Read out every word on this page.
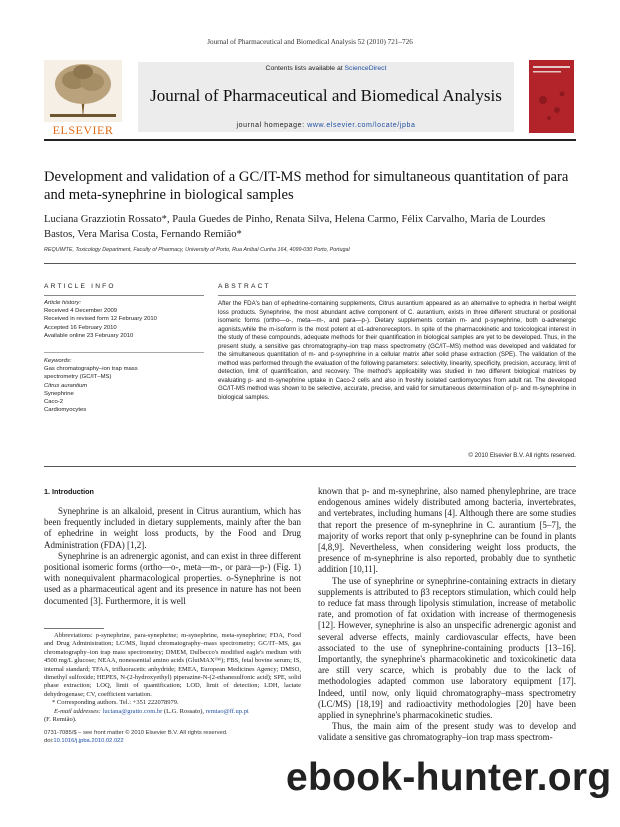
Journal of Pharmaceutical and Biomedical Analysis 52 (2010) 721–726
ELSEVIER
Contents lists available at ScienceDirect
Journal of Pharmaceutical and Biomedical Analysis
journal homepage: www.elsevier.com/locate/jpba
Development and validation of a GC/IT-MS method for simultaneous quantitation of para and meta-synephrine in biological samples
Luciana Grazziotin Rossato*, Paula Guedes de Pinho, Renata Silva, Helena Carmo, Félix Carvalho, Maria de Lourdes Bastos, Vera Marisa Costa, Fernando Remião*
REQUIMTE, Toxicology Department, Faculty of Pharmacy, University of Porto, Rua Aníbal Cunha 164, 4099-030 Porto, Portugal
ARTICLE INFO	ABSTRACT
Article history:
Received 4 December 2009
Received in revised form 12 February 2010
Accepted 16 February 2010
Available online 23 February 2010
Keywords:
Gas chromatography–ion trap mass
spectrometry (GC/IT–MS)
Citrus aurantium
Synephrine
Caco-2
Cardiomyocytes
After the FDA's ban of ephedrine-containing supplements, Citrus aurantium appeared as an alternative to ephedra in herbal weight loss products. Synephrine, the most abundant active component of C. aurantium, exists in three different structural or positional isomeric forms (ortho—o-, meta—m-, and para—p-). Dietary supplements contain m- and p-synephrine, both α-adrenergic agonists,while the m-isoform is the most potent at α1-adrenoreceptors. In spite of the pharmacokinetic and toxicological interest in the study of these compounds, adequate methods for their quantification in biological samples are yet to be developed. Thus, in the present study, a sensitive gas chromatography–ion trap mass spectrometry (GC/IT–MS) method was developed and validated for the simultaneous quantitation of m- and p-synephrine in a cellular matrix after solid phase extraction (SPE). The validation of the method was performed through the evaluation of the following parameters: selectivity, linearity, specificity, precision, accuracy, limit of detection, limit of quantification, and recovery. The method's applicability was studied in two different biological matrices by evaluating p- and m-synephrine uptake in Caco-2 cells and also in freshly isolated cardiomyocytes from adult rat. The developed GC/IT-MS method was shown to be selective, accurate, precise, and valid for simultaneous determination of p- and m-synephrine in biological samples.
© 2010 Elsevier B.V. All rights reserved.
1. Introduction

Synephrine is an alkaloid, present in Citrus aurantium, which has been frequently included in dietary supplements, mainly after the ban of ephedrine in weight loss products, by the Food and Drug Administration (FDA) [1,2].

Synephrine is an adrenergic agonist, and can exist in three different positional isomeric forms (ortho—o-, meta—m-, or para—p-) (Fig. 1) with nonequivalent pharmacological properties. o-Synephrine is not used as a pharmaceutical agent and its presence in nature has not been documented [3]. Furthermore, it is well

Abbreviations: p-synephrine, para-synephrine; m-synephrine, meta-synephrine; FDA, Food and Drug Administration; LC/MS, liquid chromatography–mass spectrometry; GC/IT–MS, gas chromatography–ion trap mass spectrometry; DMEM, Dulbecco's modified eagle's medium with 4500 mg/L glucose; NEAA, nonessential amino acids (GlutMAX™); FBS, fetal bovine serum; IS, internal standard; TFAA, trifluoracetic anhydride; EMEA, European Medicines Agency; DMSO, dimethyl sulfoxide; HEPES, N-(2-hydroxyethyl) piperazine-N-(2-ethanesulfonic acid); SPE, solid phase extraction; LOQ, limit of quantification; LOD, limit of detection; LDH, lactate dehydrogenase; CV, coefficient variation.

* Corresponding authors. Tel.: +351 222078979.

E-mail addresses: luciana@gratto.com.br (L.G. Rossato), remiao@ff.up.pt

(F. Remião).

known that p- and m-synephrine, also named phenylephrine, are trace endogenous amines widely distributed among bacteria, invertebrates, and vertebrates, including humans [4]. Although there are some studies that report the presence of m-synephrine in C. aurantium [5–7], the majority of works report that only p-synephrine can be found in plants [4,8,9]. Nevertheless, when considering weight loss products, the presence of m-synephrine is also reported, probably due to synthetic addition [10,11].

The use of synephrine or synephrine-containing extracts in dietary supplements is attributed to β3 receptors stimulation, which could help to reduce fat mass through lipolysis stimulation, increase of metabolic rate, and promotion of fat oxidation with increase of thermogenesis [12]. However, synephrine is also an unspecific adrenergic agonist and several adverse effects, mainly cardiovascular effects, have been associated to the use of synephrine-containing products [13–16]. Importantly, the synephrine's pharmacokinetic and toxicokinetic data are still very scarce, which is probably due to the lack of methodologies adapted common use laboratory equipment [17]. Indeed, until now, only liquid chromatography–mass spectrometry (LC/MS) [18,19] and radioactivity methodologies [20] have been applied in synephrine's pharmacokinetic studies.

Thus, the main aim of the present study was to develop and validate a sensitive gas chromatography–ion trap mass spectrom-

0731-7085/$ – see front matter © 2010 Elsevier B.V. All rights reserved.
doi:10.1016/j.jpba.2010.02.022
ebook-hunter.org
